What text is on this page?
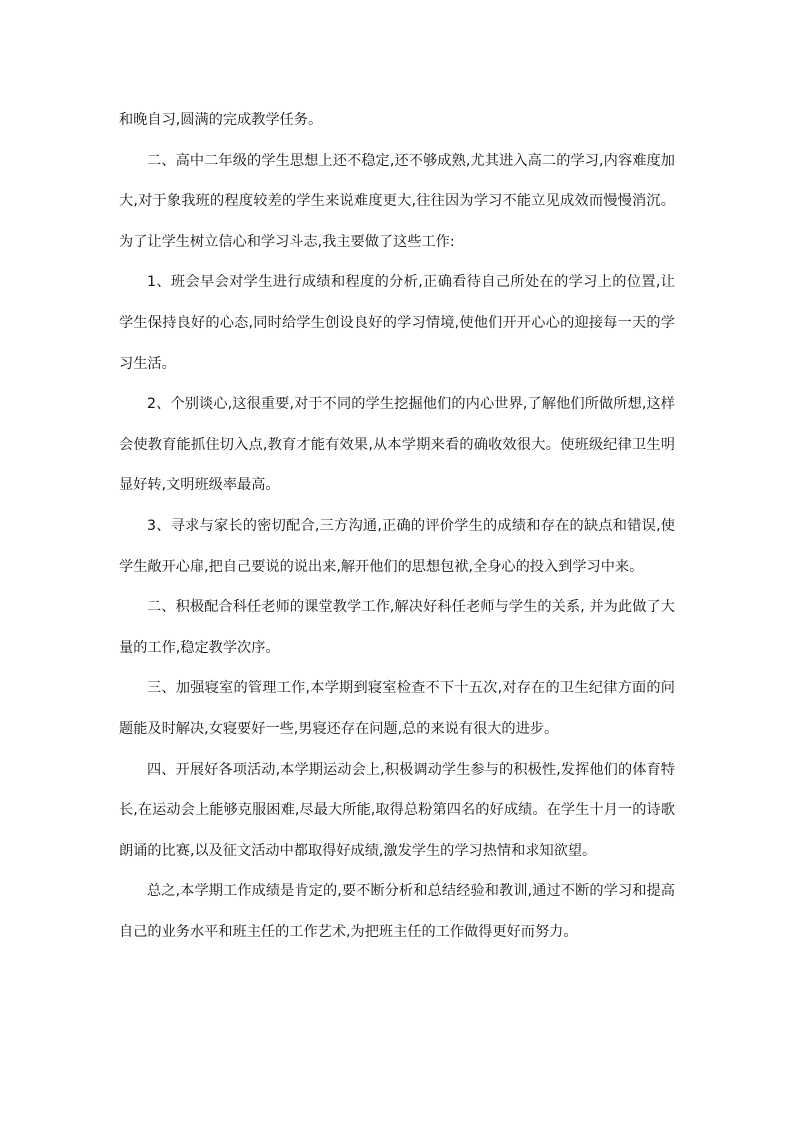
和晚自习,圆满的完成教学任务。

二、高中二年级的学生思想上还不稳定,还不够成熟,尤其进入高二的学习,内容难度加大,对于象我班的程度较差的学生来说难度更大,往往因为学习不能立见成效而慢慢消沉。为了让学生树立信心和学习斗志,我主要做了这些工作:

1、班会早会对学生进行成绩和程度的分析,正确看待自己所处在的学习上的位置,让学生保持良好的心态,同时给学生创设良好的学习情境,使他们开开心心的迎接每一天的学习生活。

2、个别谈心,这很重要,对于不同的学生挖掘他们的内心世界,了解他们所做所想,这样会使教育能抓住切入点,教育才能有效果,从本学期来看的确收效很大。使班级纪律卫生明显好转,文明班级率最高。

3、寻求与家长的密切配合,三方沟通,正确的评价学生的成绩和存在的缺点和错误,使学生敞开心扉,把自己要说的说出来,解开他们的思想包袱,全身心的投入到学习中来。

二、积极配合科任老师的课堂教学工作,解决好科任老师与学生的关系, 并为此做了大量的工作,稳定教学次序。

三、加强寝室的管理工作,本学期到寝室检查不下十五次,对存在的卫生纪律方面的问题能及时解决,女寝要好一些,男寝还存在问题,总的来说有很大的进步。

四、开展好各项活动,本学期运动会上,积极调动学生参与的积极性,发挥他们的体育特长,在运动会上能够克服困难,尽最大所能,取得总粉第四名的好成绩。在学生十月一的诗歌朗诵的比赛,以及征文活动中都取得好成绩,激发学生的学习热情和求知欲望。

总之,本学期工作成绩是肯定的,要不断分析和总结经验和教训,通过不断的学习和提高自己的业务水平和班主任的工作艺术,为把班主任的工作做得更好而努力。
